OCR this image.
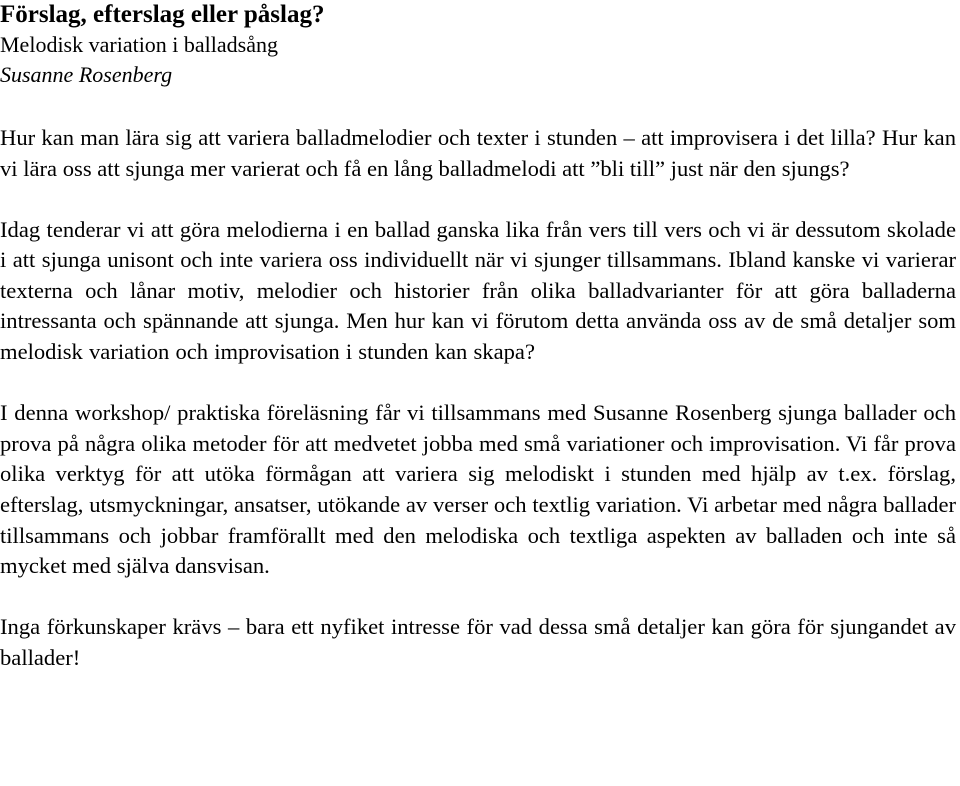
Förslag, efterslag eller påslag?
Melodisk variation i balladsång
Susanne Rosenberg

Hur kan man lära sig att variera balladmelodier och texter i stunden – att improvisera i det lilla? Hur kan vi lära oss att sjunga mer varierat och få en lång balladmelodi att ”bli till” just när den sjungs?

Idag tenderar vi att göra melodierna i en ballad ganska lika från vers till vers och vi är dessutom skolade i att sjunga unisont och inte variera oss individuellt när vi sjunger tillsammans. Ibland kanske vi varierar texterna och lånar motiv, melodier och historier från olika balladvarianter för att göra balladerna intressanta och spännande att sjunga. Men hur kan vi förutom detta använda oss av de små detaljer som melodisk variation och improvisation i stunden kan skapa?

I denna workshop/ praktiska föreläsning får vi tillsammans med Susanne Rosenberg sjunga ballader och prova på några olika metoder för att medvetet jobba med små variationer och improvisation. Vi får prova olika verktyg för att utöka förmågan att variera sig melodiskt i stunden med hjälp av t.ex. förslag, efterslag, utsmyckningar, ansatser, utökande av verser och textlig variation. Vi arbetar med några ballader tillsammans och jobbar framförallt med den melodiska och textliga aspekten av balladen och inte så mycket med själva dansvisan.

Inga förkunskaper krävs – bara ett nyfiket intresse för vad dessa små detaljer kan göra för sjungandet av ballader!
